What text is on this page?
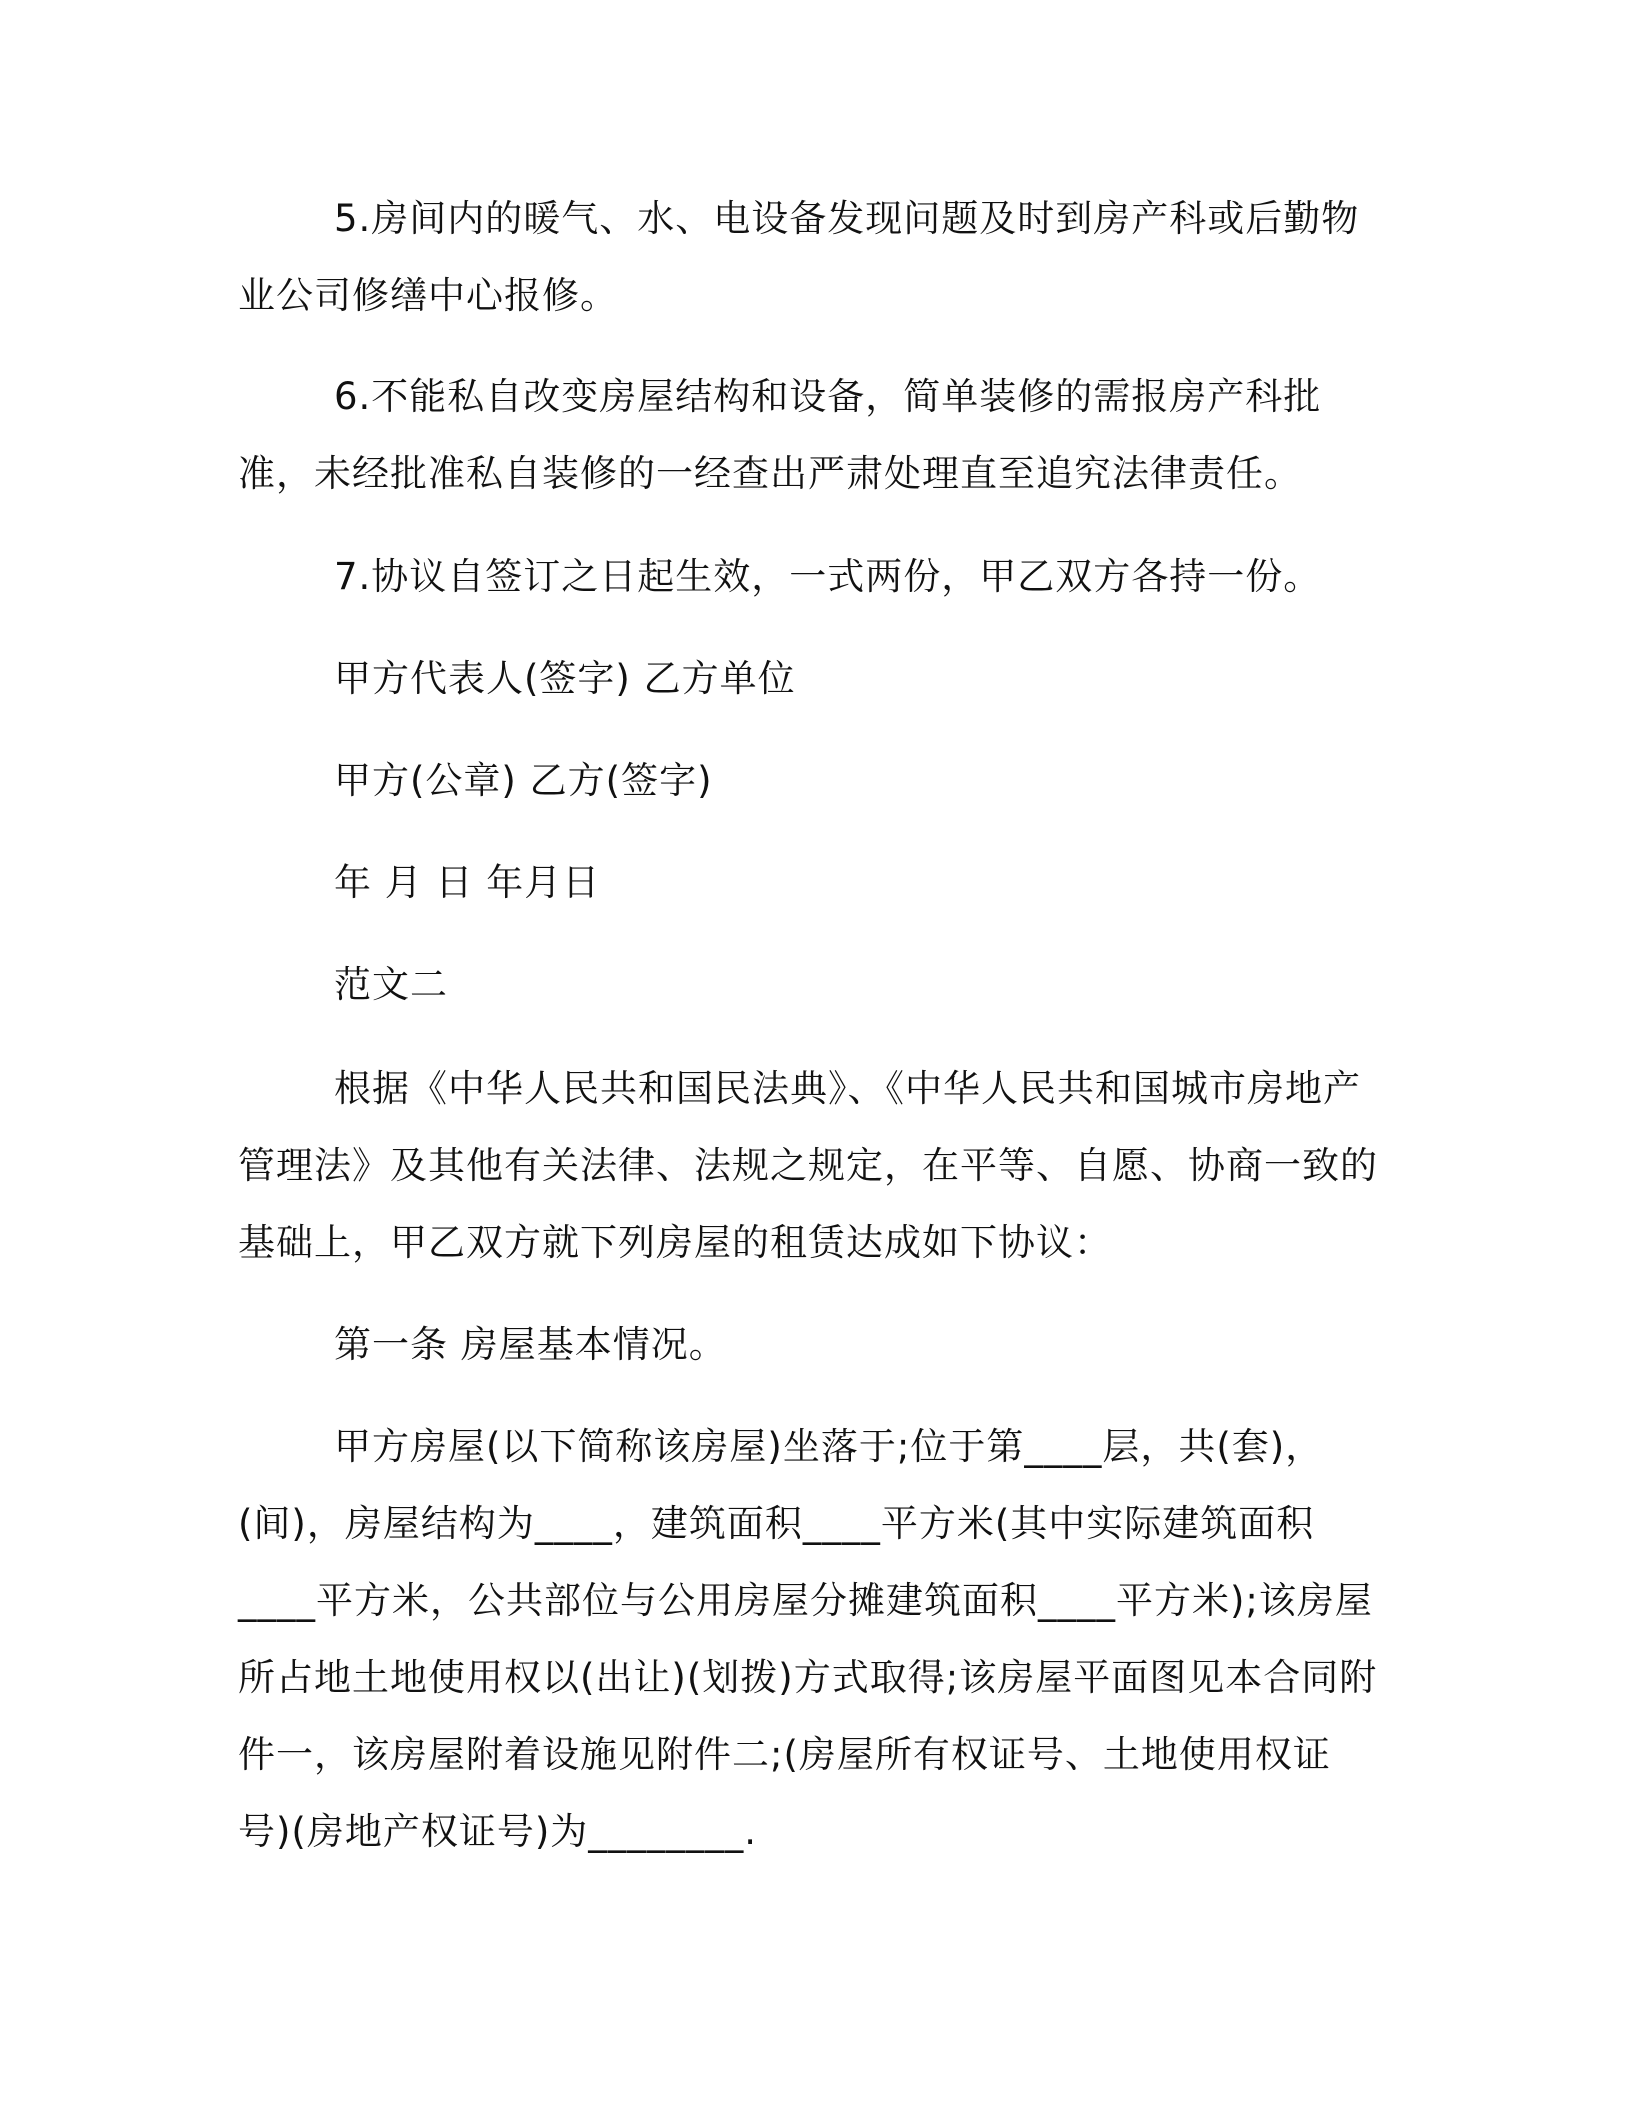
5.房间内的暖气、水、电设备发现问题及时到房产科或后勤物业公司修缮中心报修。

6.不能私自改变房屋结构和设备，简单装修的需报房产科批准，未经批准私自装修的一经查出严肃处理直至追究法律责任。

7.协议自签订之日起生效，一式两份，甲乙双方各持一份。

甲方代表人(签字) 乙方单位

甲方(公章) 乙方(签字)

年 月 日 年月日

范文二

根据《中华人民共和国民法典》、《中华人民共和国城市房地产管理法》及其他有关法律、法规之规定，在平等、自愿、协商一致的基础上，甲乙双方就下列房屋的租赁达成如下协议：

第一条 房屋基本情况。

甲方房屋(以下简称该房屋)坐落于;位于第____层，共(套)，(间)，房屋结构为____，建筑面积____平方米(其中实际建筑面积____平方米，公共部位与公用房屋分摊建筑面积____平方米);该房屋所占地土地使用权以(出让)(划拨)方式取得;该房屋平面图见本合同附件一，该房屋附着设施见附件二;(房屋所有权证号、土地使用权证号)(房地产权证号)为________.
